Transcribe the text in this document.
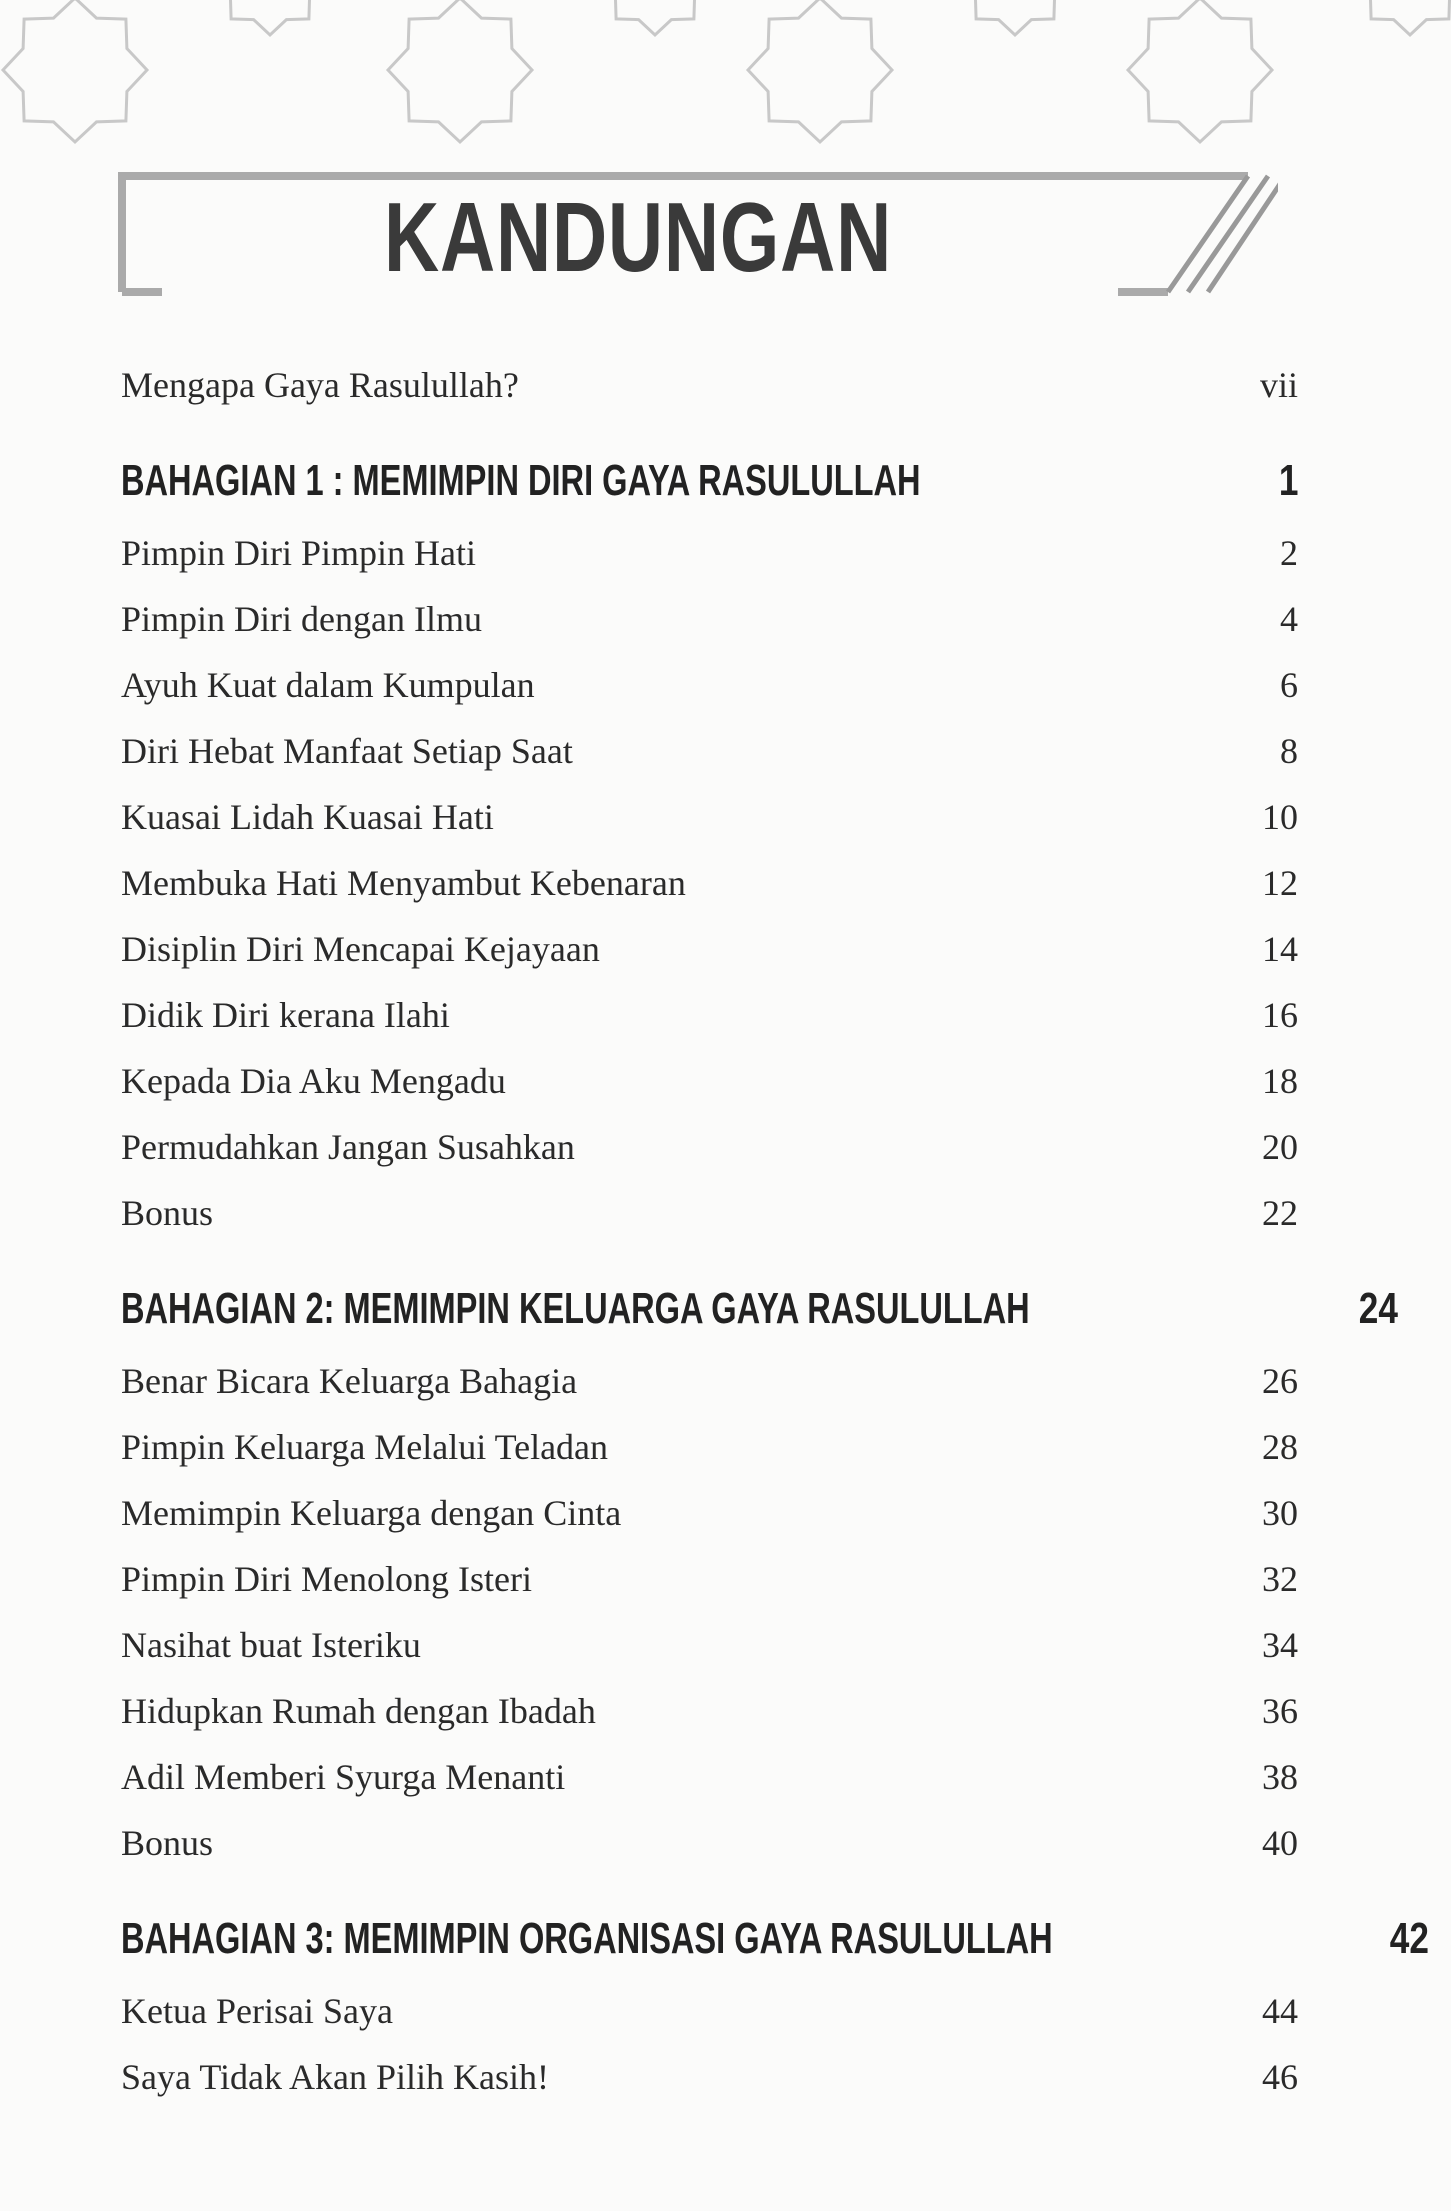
KANDUNGAN
Mengapa Gaya Rasulullah?	vii
BAHAGIAN 1 : MEMIMPIN DIRI GAYA RASULULLAH	1
Pimpin Diri Pimpin Hati	2
Pimpin Diri dengan Ilmu	4
Ayuh Kuat dalam Kumpulan	6
Diri Hebat Manfaat Setiap Saat	8
Kuasai Lidah Kuasai Hati	10
Membuka Hati Menyambut Kebenaran	12
Disiplin Diri Mencapai Kejayaan	14
Didik Diri kerana Ilahi	16
Kepada Dia Aku Mengadu	18
Permudahkan Jangan Susahkan	20
Bonus	22
BAHAGIAN 2: MEMIMPIN KELUARGA GAYA RASULULLAH	24
Benar Bicara Keluarga Bahagia	26
Pimpin Keluarga Melalui Teladan	28
Memimpin Keluarga dengan Cinta	30
Pimpin Diri Menolong Isteri	32
Nasihat buat Isteriku	34
Hidupkan Rumah dengan Ibadah	36
Adil Memberi Syurga Menanti	38
Bonus	40
BAHAGIAN 3: MEMIMPIN ORGANISASI GAYA RASULULLAH	42
Ketua Perisai Saya	44
Saya Tidak Akan Pilih Kasih!	46
